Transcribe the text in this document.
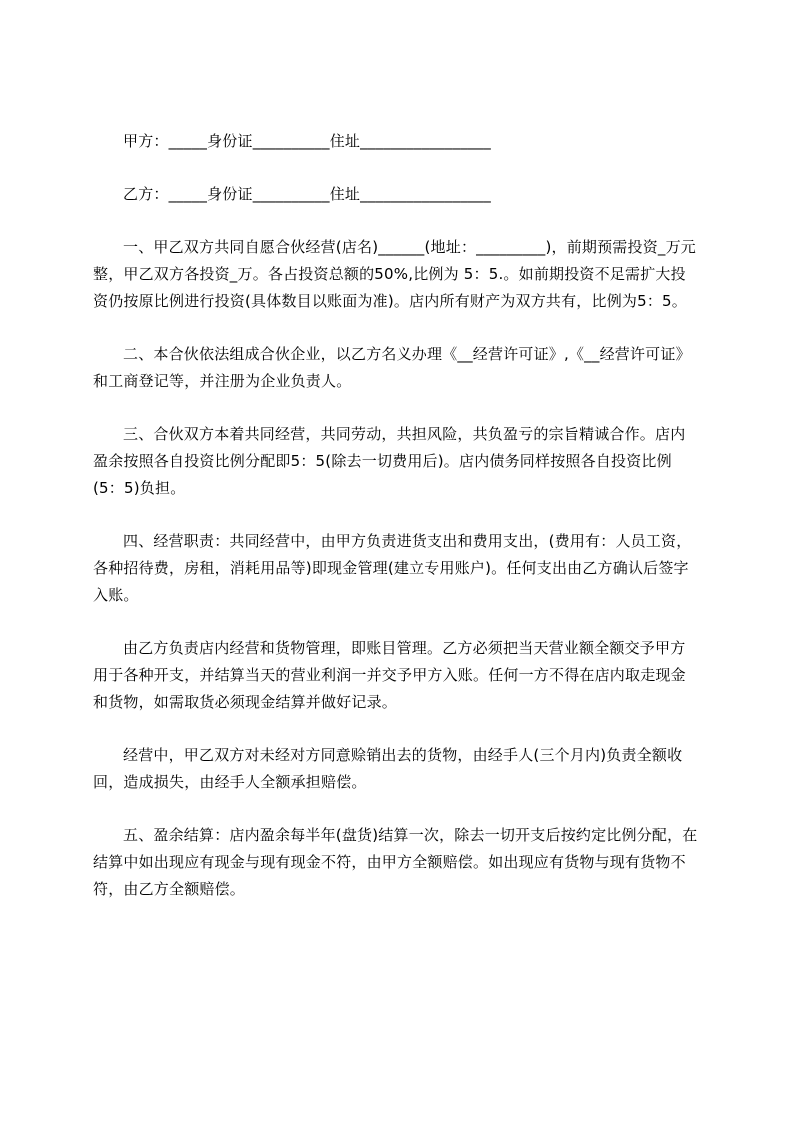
甲方：_____身份证__________住址_________________

乙方：_____身份证__________住址_________________

一、甲乙双方共同自愿合伙经营(店名)______(地址：_________)，前期预需投资_万元整，甲乙双方各投资_万。各占投资总额的50%,比例为 5：5.。如前期投资不足需扩大投资仍按原比例进行投资(具体数目以账面为准)。店内所有财产为双方共有，比例为5：5。

二、本合伙依法组成合伙企业，以乙方名义办理《__经营许可证》,《__经营许可证》和工商登记等，并注册为企业负责人。

三、合伙双方本着共同经营，共同劳动，共担风险，共负盈亏的宗旨精诚合作。店内盈余按照各自投资比例分配即5：5(除去一切费用后)。店内债务同样按照各自投资比例(5：5)负担。

四、经营职责：共同经营中，由甲方负责进货支出和费用支出，(费用有：人员工资，各种招待费，房租，消耗用品等)即现金管理(建立专用账户)。任何支出由乙方确认后签字入账。

由乙方负责店内经营和货物管理，即账目管理。乙方必须把当天营业额全额交予甲方用于各种开支，并结算当天的营业利润一并交予甲方入账。任何一方不得在店内取走现金和货物，如需取货必须现金结算并做好记录。

经营中，甲乙双方对未经对方同意赊销出去的货物，由经手人(三个月内)负责全额收回，造成损失，由经手人全额承担赔偿。

五、盈余结算：店内盈余每半年(盘货)结算一次，除去一切开支后按约定比例分配，在结算中如出现应有现金与现有现金不符，由甲方全额赔偿。如出现应有货物与现有货物不符，由乙方全额赔偿。
